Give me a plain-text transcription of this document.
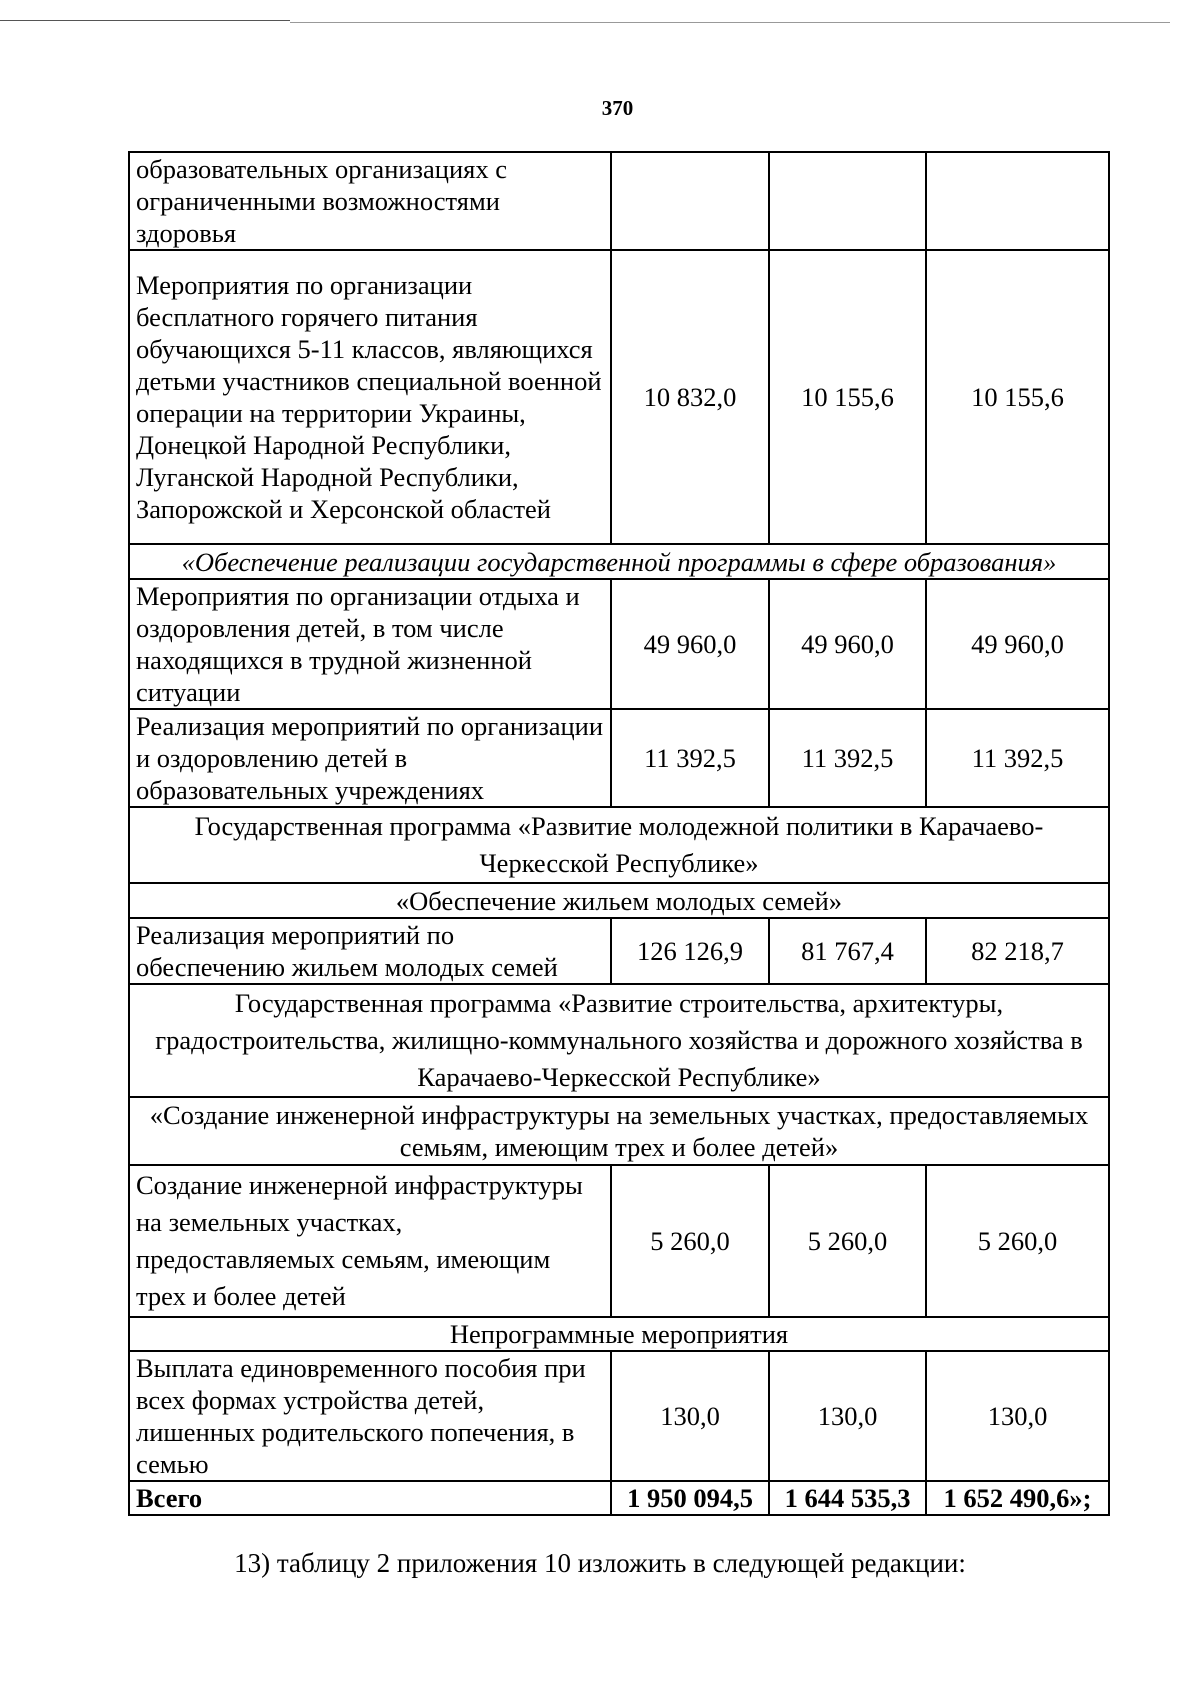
370
образовательных организациях с ограниченными возможностями здоровья			
Мероприятия по организации бесплатного горячего питания обучающихся 5-11 классов, являющихся детьми участников специальной военной операции на территории Украины, Донецкой Народной Республики, Луганской Народной Республики, Запорожской и Херсонской областей	10 832,0	10 155,6	10 155,6
«Обеспечение реализации государственной программы в сфере образования»			
Мероприятия по организации отдыха и оздоровления детей, в том числе находящихся в трудной жизненной ситуации	49 960,0	49 960,0	49 960,0
Реализация мероприятий по организации и оздоровлению детей в образовательных учреждениях	11 392,5	11 392,5	11 392,5
Государственная программа «Развитие молодежной политики в Карачаево-Черкесской Республике»			
«Обеспечение жильем молодых семей»			
Реализация мероприятий по обеспечению жильем молодых семей	126 126,9	81 767,4	82 218,7
Государственная программа «Развитие строительства, архитектуры, градостроительства, жилищно-коммунального хозяйства и дорожного хозяйства в Карачаево-Черкесской Республике»			
«Создание инженерной инфраструктуры на земельных участках, предоставляемых семьям, имеющим трех и более детей»			
Создание инженерной инфраструктуры на земельных участках, предоставляемых семьям, имеющим трех и более детей	5 260,0	5 260,0	5 260,0
Непрограммные мероприятия			
Выплата единовременного пособия при всех формах устройства детей, лишенных родительского попечения, в семью	130,0	130,0	130,0
Всего	1 950 094,5	1 644 535,3	1 652 490,6»;
13) таблицу 2 приложения 10 изложить в следующей редакции:
